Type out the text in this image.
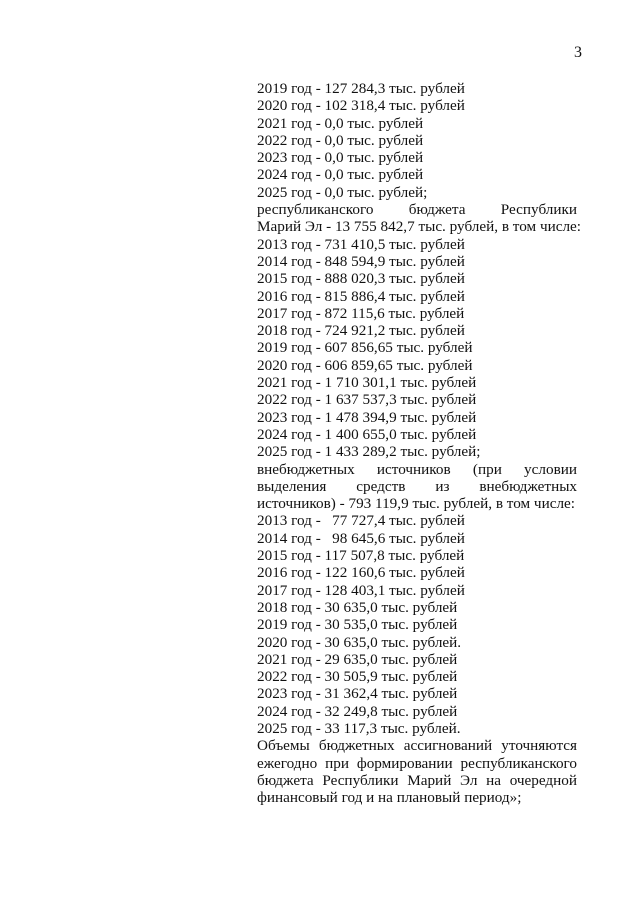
3
2019 год - 127 284,3 тыс. рублей
2020 год - 102 318,4 тыс. рублей
2021 год - 0,0 тыс. рублей
2022 год - 0,0 тыс. рублей
2023 год - 0,0 тыс. рублей
2024 год - 0,0 тыс. рублей
2025 год - 0,0 тыс. рублей;
республиканского бюджета Республики
Марий Эл - 13 755 842,7 тыс. рублей, в том числе:
2013 год - 731 410,5 тыс. рублей
2014 год - 848 594,9 тыс. рублей
2015 год - 888 020,3 тыс. рублей
2016 год - 815 886,4 тыс. рублей
2017 год - 872 115,6 тыс. рублей
2018 год - 724 921,2 тыс. рублей
2019 год - 607 856,65 тыс. рублей
2020 год - 606 859,65 тыс. рублей
2021 год - 1 710 301,1 тыс. рублей
2022 год - 1 637 537,3 тыс. рублей
2023 год - 1 478 394,9 тыс. рублей
2024 год - 1 400 655,0 тыс. рублей
2025 год - 1 433 289,2 тыс. рублей;
внебюджетных источников (при условии
выделения средств из внебюджетных
источников) - 793 119,9 тыс. рублей, в том числе:
2013 год -   77 727,4 тыс. рублей
2014 год -   98 645,6 тыс. рублей
2015 год - 117 507,8 тыс. рублей
2016 год - 122 160,6 тыс. рублей
2017 год - 128 403,1 тыс. рублей
2018 год - 30 635,0 тыс. рублей
2019 год - 30 535,0 тыс. рублей
2020 год - 30 635,0 тыс. рублей.
2021 год - 29 635,0 тыс. рублей
2022 год - 30 505,9 тыс. рублей
2023 год - 31 362,4 тыс. рублей
2024 год - 32 249,8 тыс. рублей
2025 год - 33 117,3 тыс. рублей.
Объемы бюджетных ассигнований уточняются
ежегодно при формировании республиканского
бюджета Республики Марий Эл на очередной
финансовый год и на плановый период»;
